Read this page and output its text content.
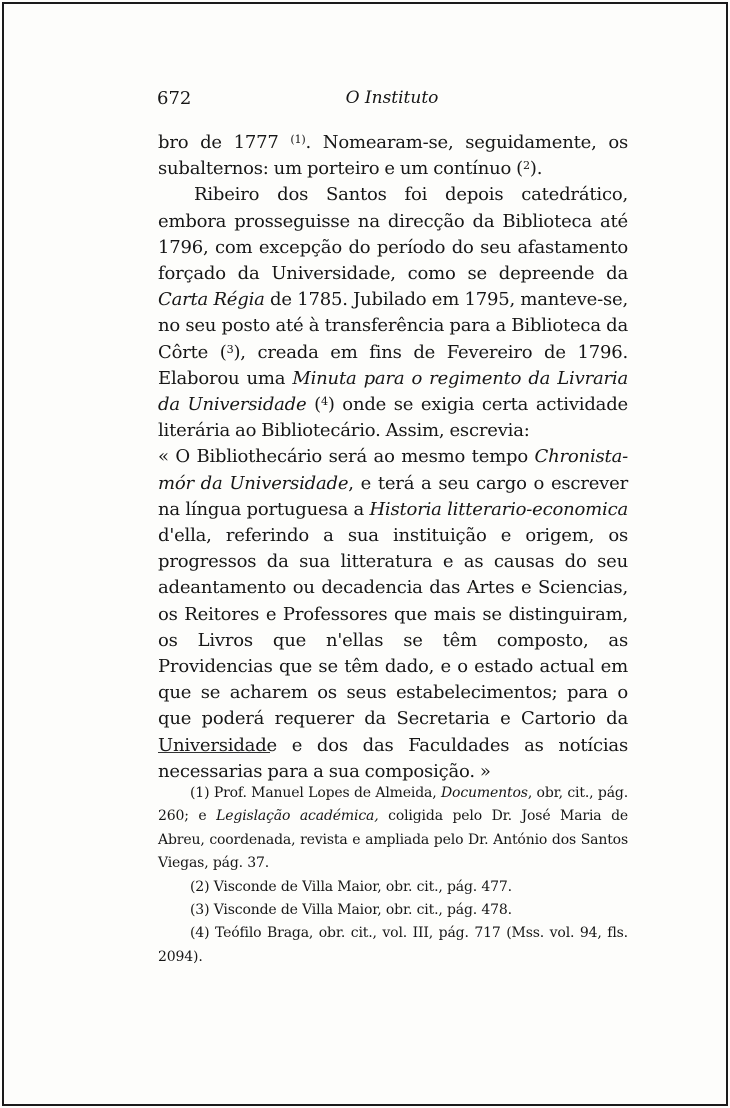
672	O Instituto

bro de 1777 $^{(1)}$. Nomearam-se, seguidamente, os subalternos: um porteiro e um contínuo ($^2$).

Ribeiro dos Santos foi depois catedrático, embora prosseguisse na direcção da Biblioteca até 1796, com excepção do período do seu afastamento forçado da Universidade, como se depreende da Carta Régia de 1785. Jubilado em 1795, manteve-se, no seu posto até à transferência para a Biblioteca da Côrte ($^3$), creada em fins de Fevereiro de 1796. Elaborou uma Minuta para o regimento da Livraria da Universidade ($^4$) onde se exigia certa actividade literária ao Bibliotecário. Assim, escrevia:

« O Bibliothecário será ao mesmo tempo Chronista-mór da Universidade, e terá a seu cargo o escrever na língua portuguesa a Historia litterario-economica d'ella, referindo a sua instituição e origem, os progressos da sua litteratura e as causas do seu adeantamento ou decadencia das Artes e Sciencias, os Reitores e Professores que mais se distinguiram, os Livros que n'ellas se têm composto, as Providencias que se têm dado, e o estado actual em que se acharem os seus estabelecimentos; para o que poderá requerer da Secretaria e Cartorio da Universidade e dos das Faculdades as notícias necessarias para a sua composição. »

(1) Prof. Manuel Lopes de Almeida, Documentos, obr, cit., pág. 260; e Legislação académica, coligida pelo Dr. José Maria de Abreu, coordenada, revista e ampliada pelo Dr. António dos Santos Viegas, pág. 37.

(2) Visconde de Villa Maior, obr. cit., pág. 477.

(3) Visconde de Villa Maior, obr. cit., pág. 478.

(4) Teófilo Braga, obr. cit., vol. III, pág. 717 (Mss. vol. 94, fls. 2094).
